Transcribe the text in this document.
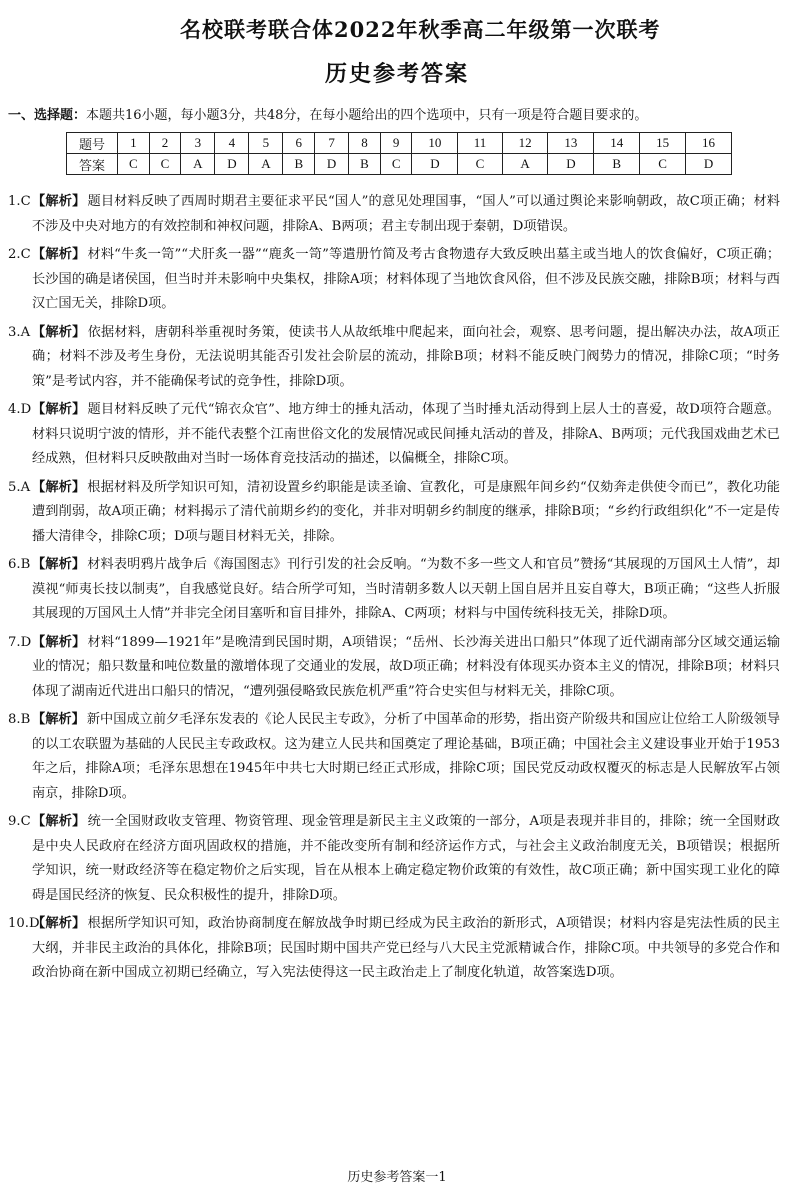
名校联考联合体2022年秋季高二年级第一次联考
历史参考答案
一、选择题：本题共16小题，每小题3分，共48分，在每小题给出的四个选项中，只有一项是符合题目要求的。
题号	1	2	3	4	5	6	7	8	9	10	11	12	13	14	15	16
答案	C	C	A	D	A	B	D	B	C	D	C	A	D	B	C	D
1.C 【解析】 题目材料反映了西周时期君主要征求平民“国人”的意见处理国事，“国人”可以通过舆论来影响朝政，故C项正确；材料不涉及中央对地方的有效控制和神权问题，排除A、B两项；君主专制出现于秦朝，D项错误。
2.C 【解析】 材料“牛炙一笥”“犬肝炙一器”“鹿炙一笥”等遣册竹简及考古食物遗存大致反映出墓主或当地人的饮食偏好，C项正确；长沙国的确是诸侯国，但当时并未影响中央集权，排除A项；材料体现了当地饮食风俗，但不涉及民族交融，排除B项；材料与西汉亡国无关，排除D项。
3.A 【解析】 依据材料，唐朝科举重视时务策，使读书人从故纸堆中爬起来，面向社会，观察、思考问题，提出解决办法，故A项正确；材料不涉及考生身份，无法说明其能否引发社会阶层的流动，排除B项；材料不能反映门阀势力的情况，排除C项；“时务策”是考试内容，并不能确保考试的竞争性，排除D项。
4.D 【解析】 题目材料反映了元代“锦衣众官”、地方绅士的捶丸活动，体现了当时捶丸活动得到上层人士的喜爱，故D项符合题意。材料只说明宁波的情形，并不能代表整个江南世俗文化的发展情况或民间捶丸活动的普及，排除A、B两项；元代我国戏曲艺术已经成熟，但材料只反映散曲对当时一场体育竞技活动的描述，以偏概全，排除C项。
5.A 【解析】 根据材料及所学知识可知，清初设置乡约职能是读圣谕、宣教化，可是康熙年间乡约“仅劾奔走供使令而已”，教化功能遭到削弱，故A项正确；材料揭示了清代前期乡约的变化，并非对明朝乡约制度的继承，排除B项；“乡约行政组织化”不一定是传播大清律令，排除C项；D项与题目材料无关，排除。
6.B 【解析】 材料表明鸦片战争后《海国图志》刊行引发的社会反响。“为数不多一些文人和官员”赞扬“其展现的万国风土人情”，却漠视“师夷长技以制夷”，自我感觉良好。结合所学可知，当时清朝多数人以天朝上国自居并且妄自尊大，B项正确；“这些人折服其展现的万国风土人情”并非完全闭目塞听和盲目排外，排除A、C两项；材料与中国传统科技无关，排除D项。
7.D 【解析】 材料“1899—1921年”是晚清到民国时期，A项错误；“岳州、长沙海关进出口船只”体现了近代湖南部分区域交通运输业的情况；船只数量和吨位数量的激增体现了交通业的发展，故D项正确；材料没有体现买办资本主义的情况，排除B项；材料只体现了湖南近代进出口船只的情况，“遭列强侵略致民族危机严重”符合史实但与材料无关，排除C项。
8.B 【解析】 新中国成立前夕毛泽东发表的《论人民民主专政》，分析了中国革命的形势，指出资产阶级共和国应让位给工人阶级领导的以工农联盟为基础的人民民主专政政权。这为建立人民共和国奠定了理论基础，B项正确；中国社会主义建设事业开始于1953年之后，排除A项；毛泽东思想在1945年中共七大时期已经正式形成，排除C项；国民党反动政权覆灭的标志是人民解放军占领南京，排除D项。
9.C 【解析】 统一全国财政收支管理、物资管理、现金管理是新民主主义政策的一部分，A项是表现并非目的，排除；统一全国财政是中央人民政府在经济方面巩固政权的措施，并不能改变所有制和经济运作方式，与社会主义政治制度无关，B项错误；根据所学知识，统一财政经济等在稳定物价之后实现，旨在从根本上确定稳定物价政策的有效性，故C项正确；新中国实现工业化的障碍是国民经济的恢复、民众积极性的提升，排除D项。
10.D
【解析】 根据所学知识可知，政治协商制度在解放战争时期已经成为民主政治的新形式，A项错误；材料内容是宪法性质的民主大纲，并非民主政治的具体化，排除B项；民国时期中国共产党已经与八大民主党派精诚合作，排除C项。中共领导的多党合作和政治协商在新中国成立初期已经确立，写入宪法使得这一民主政治走上了制度化轨道，故答案选D项。
历史参考答案一1
